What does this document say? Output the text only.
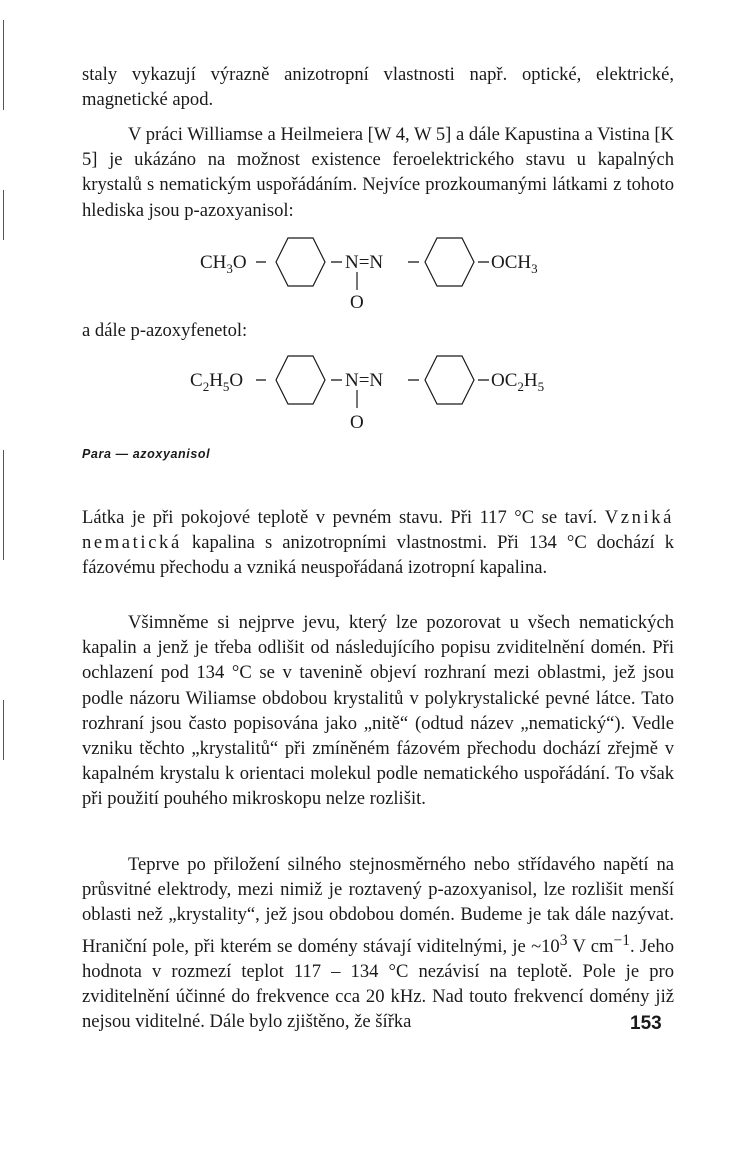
staly vykazují výrazně anizotropní vlastnosti např. optické, elektrické, magnetické apod.

V práci Williamse a Heilmeiera [W 4, W 5] a dále Kapustina a Vistina [K 5] je ukázáno na možnost existence feroelektrického stavu u kapalných krystalů s nematickým uspořádáním. Nejvíce prozkoumanými látkami z tohoto hlediska jsou p-azoxyanisol:

$CH_3O$	N=N
O
$OCH_3$
$C_2H_5O$	N=N
O
$OC_2H_5$

a dále p-azoxyfenetol:

Para — azoxyanisol

Látka je při pokojové teplotě v pevném stavu. Při 117 °C se taví. Vzniká nematická kapalina s anizotropními vlastnostmi. Při 134 °C dochází k fázovému přechodu a vzniká neuspořádaná izotropní kapalina.

Všimněme si nejprve jevu, který lze pozorovat u všech nematických kapalin a jenž je třeba odlišit od následujícího popisu zviditelnění domén. Při ochlazení pod 134 °C se v tavenině objeví rozhraní mezi oblastmi, jež jsou podle názoru Wiliamse obdobou krystalitů v polykrystalické pevné látce. Tato rozhraní jsou často popisována jako „nitě“ (odtud název „nematický“). Vedle vzniku těchto „krystalitů“ při zmíněném fázovém přechodu dochází zřejmě v kapalném krystalu k orientaci molekul podle nematického uspořádání. To však při použití pouhého mikroskopu nelze rozlišit.

Teprve po přiložení silného stejnosměrného nebo střídavého napětí na průsvitné elektrody, mezi nimiž je roztavený p-azoxyanisol, lze rozlišit menší oblasti než „krystality“, jež jsou obdobou domén. Budeme je tak dále nazývat. Hraniční pole, při kterém se domény stávají viditelnými, je $\sim 10^3$ V $cm^{-1}$. Jeho hodnota v rozmezí teplot 117 – 134 °C nezávisí na teplotě. Pole je pro zviditelnění účinné do frekvence cca 20 kHz. Nad touto frekvencí domény již nejsou viditelné. Dále bylo zjištěno, že šířka	153
